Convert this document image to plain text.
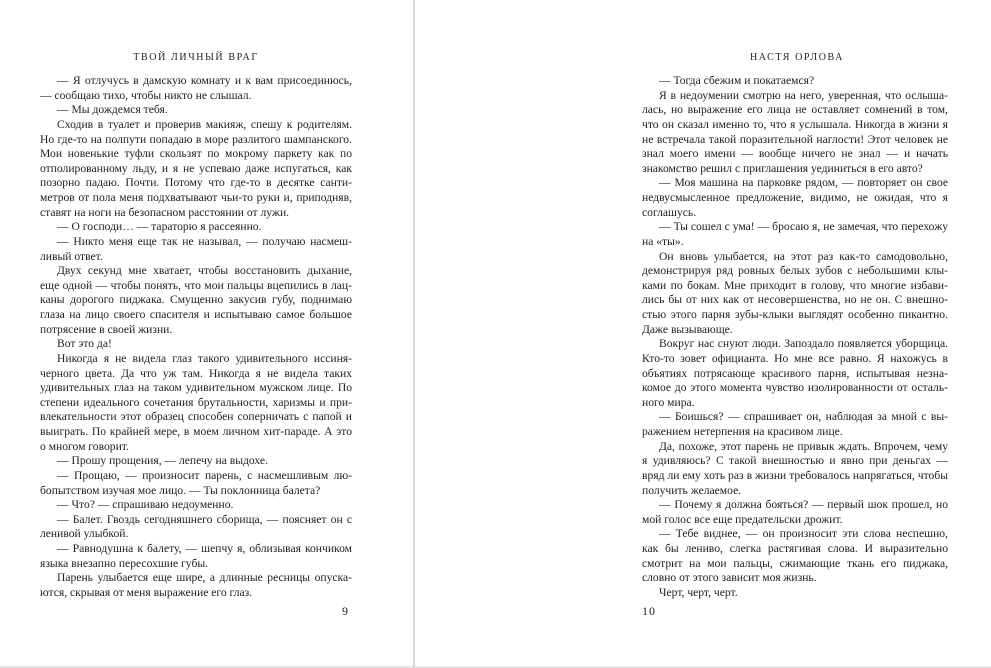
ТВОЙ ЛИЧНЫЙ ВРАГ

— Я отлучусь в дамскую комнату и к вам присоединюсь, — сообщаю тихо, чтобы никто не слышал.

— Мы дождемся тебя.

Сходив в туалет и проверив макияж, спешу к родителям. Но где-то на полпути попадаю в море разлитого шампанского. Мои новенькие туфли скользят по мокрому паркету как по отполированному льду, и я не успеваю даже испугаться, как позорно падаю. Почти. Потому что где-то в десятке сантиметров от пола меня подхватывают чьи-то руки и, приподняв, ставят на ноги на безопасном расстоянии от лужи.

— О господи… — тараторю я рассеянно.

— Никто меня еще так не называл, — получаю насмешливый ответ.

Двух секунд мне хватает, чтобы восстановить дыхание, еще одной — чтобы понять, что мои пальцы вцепились в лацканы дорогого пиджака. Смущенно закусив губу, поднимаю глаза на лицо своего спасителя и испытываю самое большое потрясение в своей жизни.

Вот это да!

Никогда я не видела глаз такого удивительного иссиня-черного цвета. Да что уж там. Никогда я не видела таких удивительных глаз на таком удивительном мужском лице. По степени идеального сочетания брутальности, харизмы и привлекательности этот образец способен соперничать с папой и выиграть. По крайней мере, в моем личном хит-параде. А это о многом говорит.

— Прошу прощения, — лепечу на выдохе.

— Прощаю, — произносит парень, с насмешливым любопытством изучая мое лицо. — Ты поклонница балета?

— Что? — спрашиваю недоуменно.

— Балет. Гвоздь сегодняшнего сборища, — поясняет он с ленивой улыбкой.

— Равнодушна к балету, — шепчу я, облизывая кончиком языка внезапно пересохшие губы.

Парень улыбается еще шире, а длинные ресницы опускаются, скрывая от меня выражение его глаз.

9
НАСТЯ ОРЛОВА

— Тогда сбежим и покатаемся?

Я в недоумении смотрю на него, уверенная, что ослышалась, но выражение его лица не оставляет сомнений в том, что он сказал именно то, что я услышала. Никогда в жизни я не встречала такой поразительной наглости! Этот человек не знал моего имени — вообще ничего не знал — и начать знакомство решил с приглашения уединиться в его авто?

— Моя машина на парковке рядом, — повторяет он свое недвусмысленное предложение, видимо, не ожидая, что я соглашусь.

— Ты сошел с ума! — бросаю я, не замечая, что перехожу на «ты».

Он вновь улыбается, на этот раз как-то самодовольно, демонстрируя ряд ровных белых зубов с небольшими клыками по бокам. Мне приходит в голову, что многие избавились бы от них как от несовершенства, но не он. С внешностью этого парня зубы-клыки выглядят особенно пикантно. Даже вызывающе.

Вокруг нас снуют люди. Запоздало появляется уборщица. Кто-то зовет официанта. Но мне все равно. Я нахожусь в объятиях потрясающе красивого парня, испытывая незнакомое до этого момента чувство изолированности от остального мира.

— Боишься? — спрашивает он, наблюдая за мной с выражением нетерпения на красивом лице.

Да, похоже, этот парень не привык ждать. Впрочем, чему я удивляюсь? С такой внешностью и явно при деньгах — вряд ли ему хоть раз в жизни требовалось напрягаться, чтобы получить желаемое.

— Почему я должна бояться? — первый шок прошел, но мой голос все еще предательски дрожит.

— Тебе виднее, — он произносит эти слова неспешно, как бы лениво, слегка растягивая слова. И выразительно смотрит на мои пальцы, сжимающие ткань его пиджака, словно от этого зависит моя жизнь.

Черт, черт, черт.

10
